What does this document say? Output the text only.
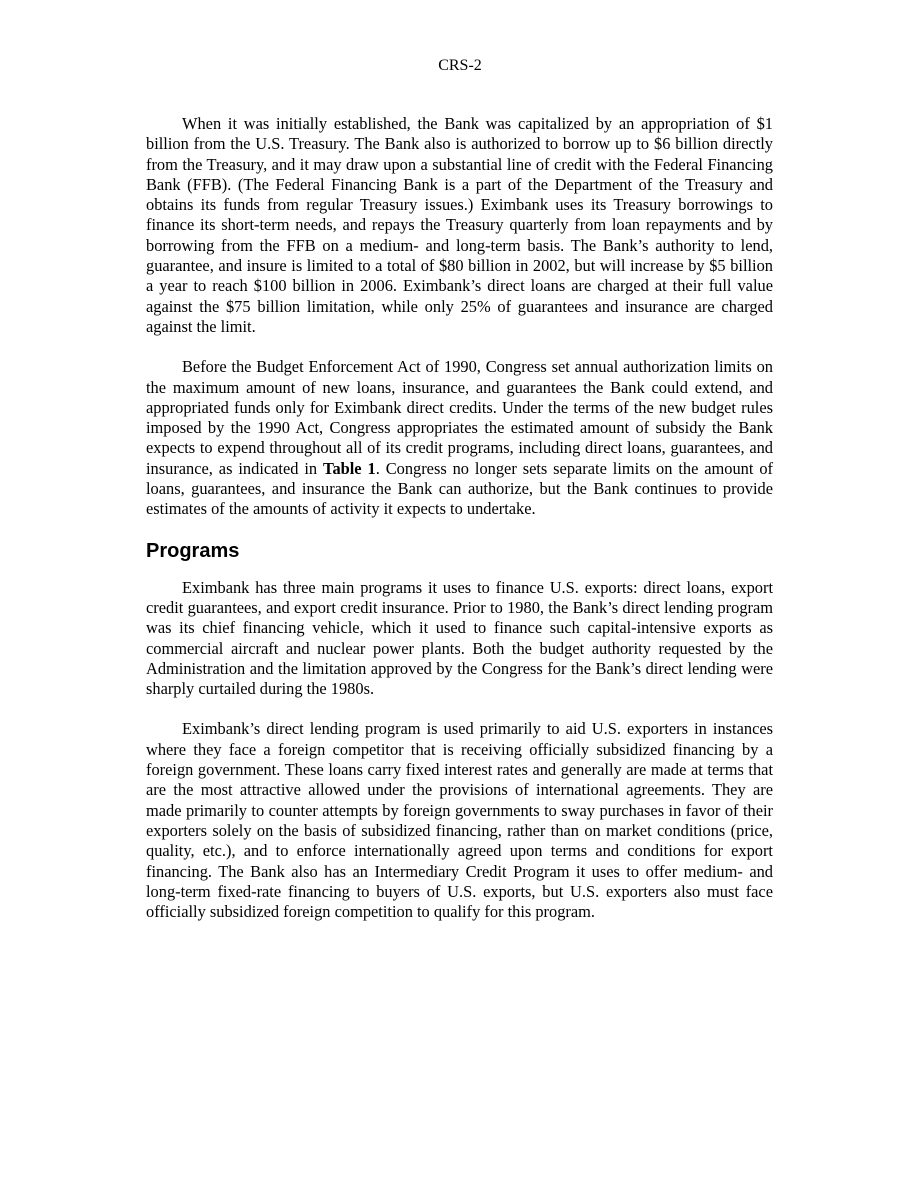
CRS-2

When it was initially established, the Bank was capitalized by an appropriation of $1 billion from the U.S. Treasury. The Bank also is authorized to borrow up to $6 billion directly from the Treasury, and it may draw upon a substantial line of credit with the Federal Financing Bank (FFB). (The Federal Financing Bank is a part of the Department of the Treasury and obtains its funds from regular Treasury issues.) Eximbank uses its Treasury borrowings to finance its short-term needs, and repays the Treasury quarterly from loan repayments and by borrowing from the FFB on a medium- and long-term basis. The Bank’s authority to lend, guarantee, and insure is limited to a total of $80 billion in 2002, but will increase by $5 billion a year to reach $100 billion in 2006. Eximbank’s direct loans are charged at their full value against the $75 billion limitation, while only 25% of guarantees and insurance are charged against the limit.

Before the Budget Enforcement Act of 1990, Congress set annual authorization limits on the maximum amount of new loans, insurance, and guarantees the Bank could extend, and appropriated funds only for Eximbank direct credits. Under the terms of the new budget rules imposed by the 1990 Act, Congress appropriates the estimated amount of subsidy the Bank expects to expend throughout all of its credit programs, including direct loans, guarantees, and insurance, as indicated in Table 1. Congress no longer sets separate limits on the amount of loans, guarantees, and insurance the Bank can authorize, but the Bank continues to provide estimates of the amounts of activity it expects to undertake.

Programs

Eximbank has three main programs it uses to finance U.S. exports: direct loans, export credit guarantees, and export credit insurance. Prior to 1980, the Bank’s direct lending program was its chief financing vehicle, which it used to finance such capital-intensive exports as commercial aircraft and nuclear power plants. Both the budget authority requested by the Administration and the limitation approved by the Congress for the Bank’s direct lending were sharply curtailed during the 1980s.

Eximbank’s direct lending program is used primarily to aid U.S. exporters in instances where they face a foreign competitor that is receiving officially subsidized financing by a foreign government. These loans carry fixed interest rates and generally are made at terms that are the most attractive allowed under the provisions of international agreements. They are made primarily to counter attempts by foreign governments to sway purchases in favor of their exporters solely on the basis of subsidized financing, rather than on market conditions (price, quality, etc.), and to enforce internationally agreed upon terms and conditions for export financing. The Bank also has an Intermediary Credit Program it uses to offer medium- and long-term fixed-rate financing to buyers of U.S. exports, but U.S. exporters also must face officially subsidized foreign competition to qualify for this program.
